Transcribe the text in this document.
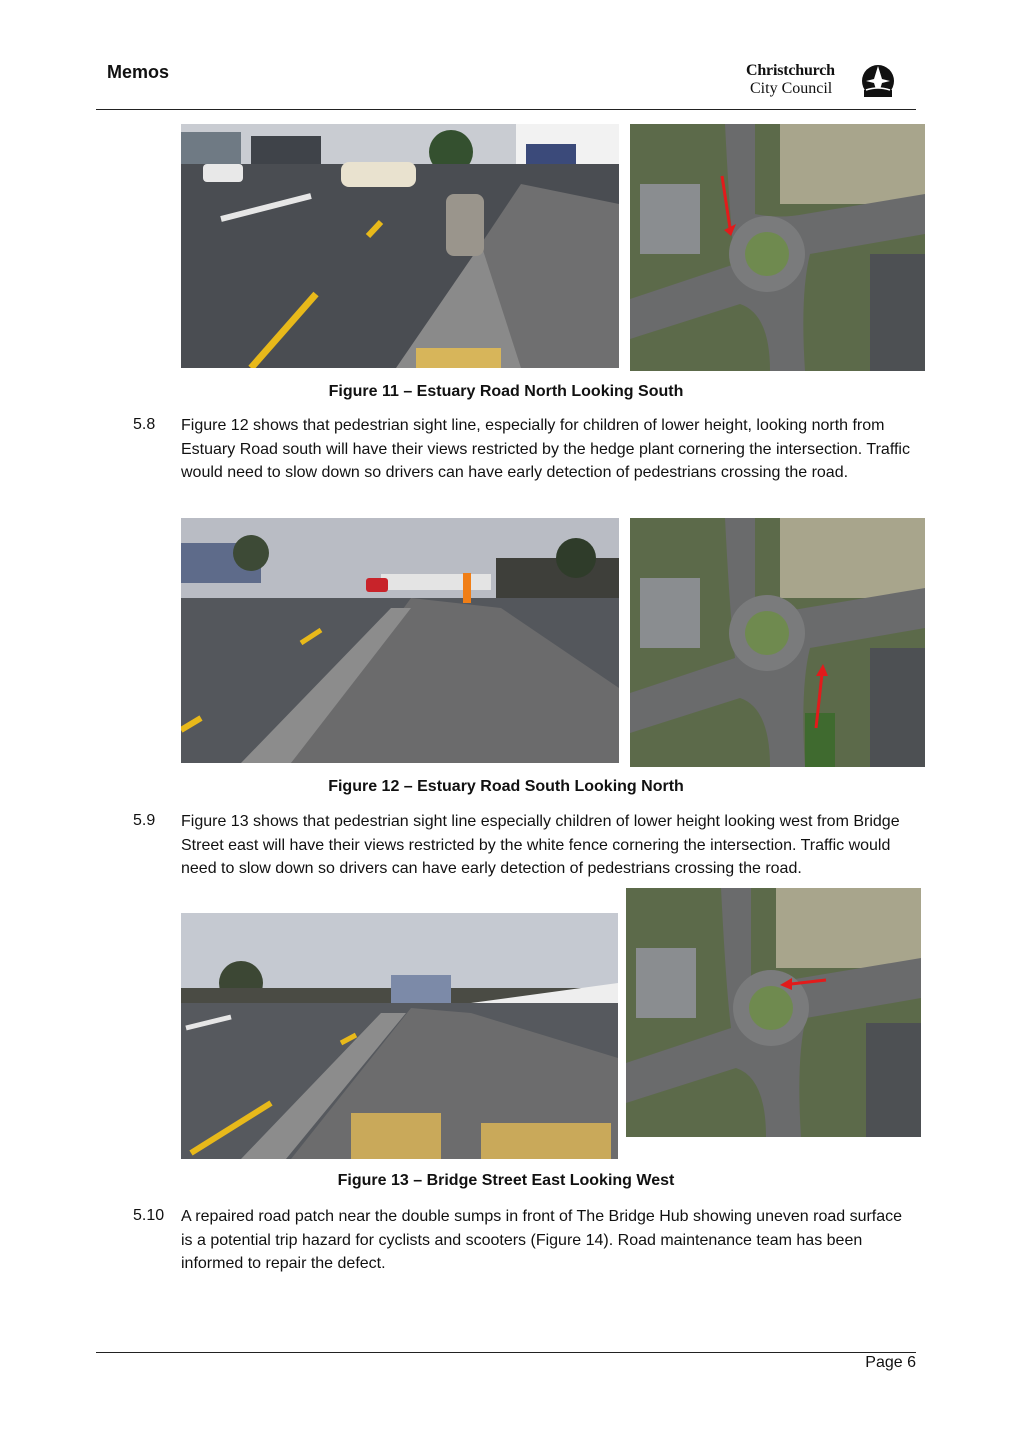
Memos	Christchurch
City Council
Figure 11 – Estuary Road North Looking South
5.8 Figure 12 shows that pedestrian sight line, especially for children of lower height, looking north from Estuary Road south will have their views restricted by the hedge plant cornering the intersection. Traffic would need to slow down so drivers can have early detection of pedestrians crossing the road.
Figure 12 – Estuary Road South Looking North
5.9 Figure 13 shows that pedestrian sight line especially children of lower height looking west from Bridge Street east will have their views restricted by the white fence cornering the intersection. Traffic would need to slow down so drivers can have early detection of pedestrians crossing the road.
Figure 13 – Bridge Street East Looking West
5.10 A repaired road patch near the double sumps in front of The Bridge Hub showing uneven road surface is a potential trip hazard for cyclists and scooters (Figure 14). Road maintenance team has been informed to repair the defect.
Page 6
